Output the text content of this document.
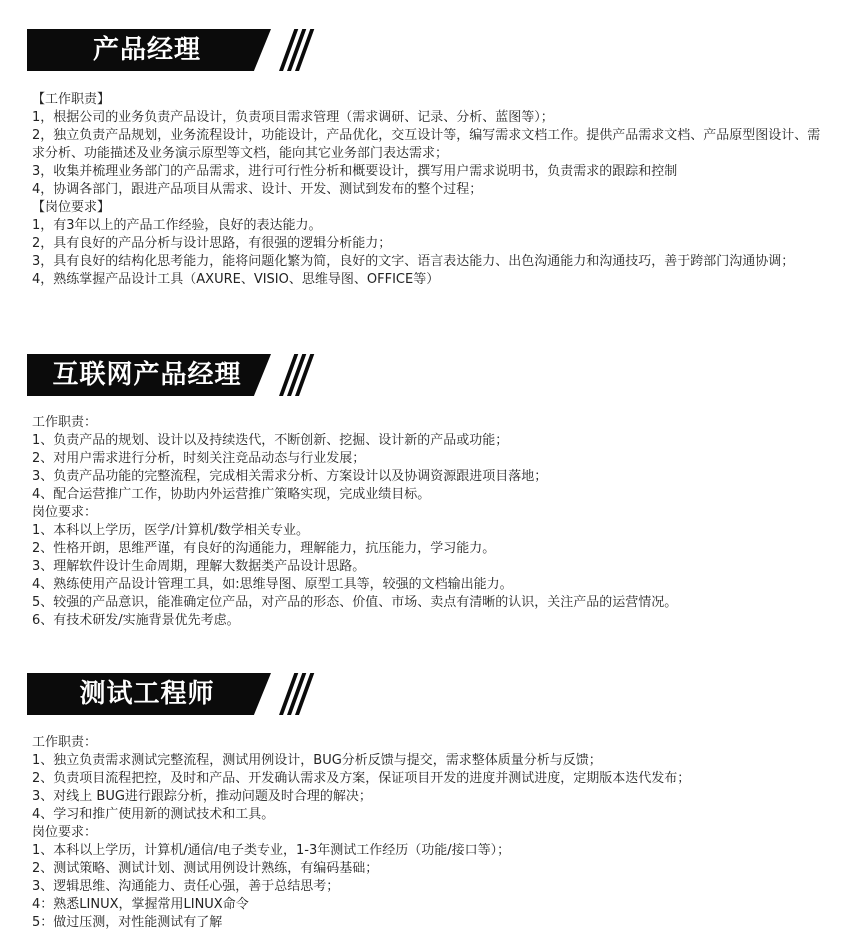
产品经理
【工作职责】
1，根据公司的业务负责产品设计，负责项目需求管理（需求调研、记录、分析、蓝图等）；
2，独立负责产品规划，业务流程设计，功能设计，产品优化，交互设计等，编写需求文档工作。提供产品需求文档、产品原型图设计、需求分析、功能描述及业务演示原型等文档，能向其它业务部门表达需求；
3，收集并梳理业务部门的产品需求，进行可行性分析和概要设计，撰写用户需求说明书，负责需求的跟踪和控制
4，协调各部门，跟进产品项目从需求、设计、开发、测试到发布的整个过程；
【岗位要求】
1，有3年以上的产品工作经验，良好的表达能力。
2，具有良好的产品分析与设计思路，有很强的逻辑分析能力；
3，具有良好的结构化思考能力，能将问题化繁为简，良好的文字、语言表达能力、出色沟通能力和沟通技巧，善于跨部门沟通协调；
4，熟练掌握产品设计工具（AXURE、VISIO、思维导图、OFFICE等）
互联网产品经理
工作职责：
1、负责产品的规划、设计以及持续迭代，不断创新、挖掘、设计新的产品或功能；
2、对用户需求进行分析，时刻关注竞品动态与行业发展；
3、负责产品功能的完整流程，完成相关需求分析、方案设计以及协调资源跟进项目落地；
4、配合运营推广工作，协助内外运营推广策略实现，完成业绩目标。
岗位要求：
1、本科以上学历，医学/计算机/数学相关专业。
2、性格开朗，思维严谨，有良好的沟通能力，理解能力，抗压能力，学习能力。
3、理解软件设计生命周期，理解大数据类产品设计思路。
4、熟练使用产品设计管理工具，如:思维导图、原型工具等，较强的文档输出能力。
5、较强的产品意识，能准确定位产品，对产品的形态、价值、市场、卖点有清晰的认识，关注产品的运营情况。
6、有技术研发/实施背景优先考虑。
测试工程师
工作职责：
1、独立负责需求测试完整流程，测试用例设计，BUG分析反馈与提交，需求整体质量分析与反馈；
2、负责项目流程把控，及时和产品、开发确认需求及方案，保证项目开发的进度并测试进度，定期版本迭代发布；
3、对线上 BUG进行跟踪分析，推动问题及时合理的解决；
4、学习和推广使用新的测试技术和工具。
岗位要求：
1、本科以上学历，计算机/通信/电子类专业，1-3年测试工作经历（功能/接口等）；
2、测试策略、测试计划、测试用例设计熟练，有编码基础；
3、逻辑思维、沟通能力、责任心强，善于总结思考；
4：熟悉LINUX，掌握常用LINUX命令
5：做过压测，对性能测试有了解
